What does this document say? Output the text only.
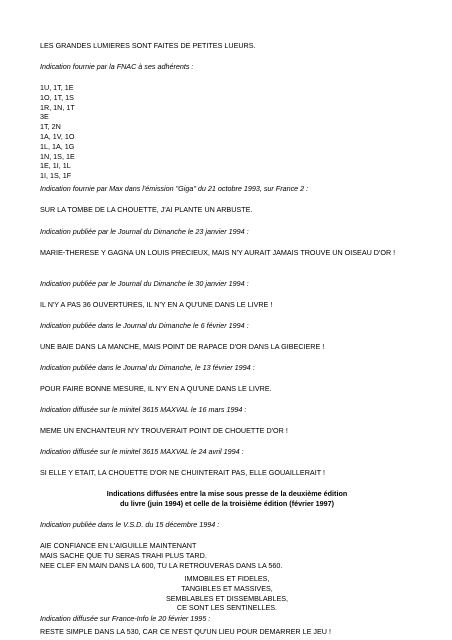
LES GRANDES LUMIERES SONT FAITES DE PETITES LUEURS.
Indication fournie par la FNAC à ses adhérents :
1U, 1T, 1E
1O, 1T, 1S
1R, 1N, 1T
3E
1T, 2N
1A, 1V, 1O
1L, 1A, 1G
1N, 1S, 1E
1E, 1I, 1L
1I, 1S, 1F
Indication fournie par Max dans l'émission "Giga" du 21 octobre 1993, sur France 2 :
SUR LA TOMBE DE LA CHOUETTE, J'AI PLANTE UN ARBUSTE.
Indication publiée par le Journal du Dimanche le 23 janvier 1994 :
MARIE-THERESE Y GAGNA UN LOUIS PRECIEUX, MAIS N'Y AURAIT JAMAIS TROUVE UN OISEAU D'OR !
Indication publiée par le Journal du Dimanche le 30 janvier 1994 :
IL N'Y A PAS 36 OUVERTURES, IL N'Y EN A QU'UNE DANS LE LIVRE !
Indication publiée dans le Journal du Dimanche le 6 février 1994 :
UNE BAIE DANS LA MANCHE, MAIS POINT DE RAPACE D'OR DANS LA GIBECIERE !
Indication publiée dans le Journal du Dimanche, le 13 février 1994 :
POUR FAIRE BONNE MESURE, IL N'Y EN A QU'UNE DANS LE LIVRE.
Indication diffusée sur le minitel 3615 MAXVAL le 16 mars 1994 :
MEME UN ENCHANTEUR N'Y TROUVERAIT POINT DE CHOUETTE D'OR !
Indication diffusée sur le minitel 3615 MAXVAL le 24 avril 1994 :
SI ELLE Y ETAIT, LA CHOUETTE D'OR NE CHUINTERAIT PAS, ELLE GOUAILLERAIT !
Indications diffusées entre la mise sous presse de la deuxième édition
du livre (juin 1994) et celle de la troisième édition (février 1997)
Indication publiée dans le V.S.D. du 15 décembre 1994 :
AIE CONFIANCE EN L'AIGUILLE MAINTENANT
MAIS SACHE QUE TU SERAS TRAHI PLUS TARD.
NEE CLEF EN MAIN DANS LA 600, TU LA RETROUVERAS DANS LA 560.
IMMOBILES ET FIDELES,
TANGIBLES ET MASSIVES,
SEMBLABLES ET DISSEMBLABLES,
CE SONT LES SENTINELLES.
Indication diffusée sur France-Info le 20 février 1995 :
RESTE SIMPLE DANS LA 530, CAR CE N'EST QU'UN LIEU POUR DEMARRER LE JEU !
